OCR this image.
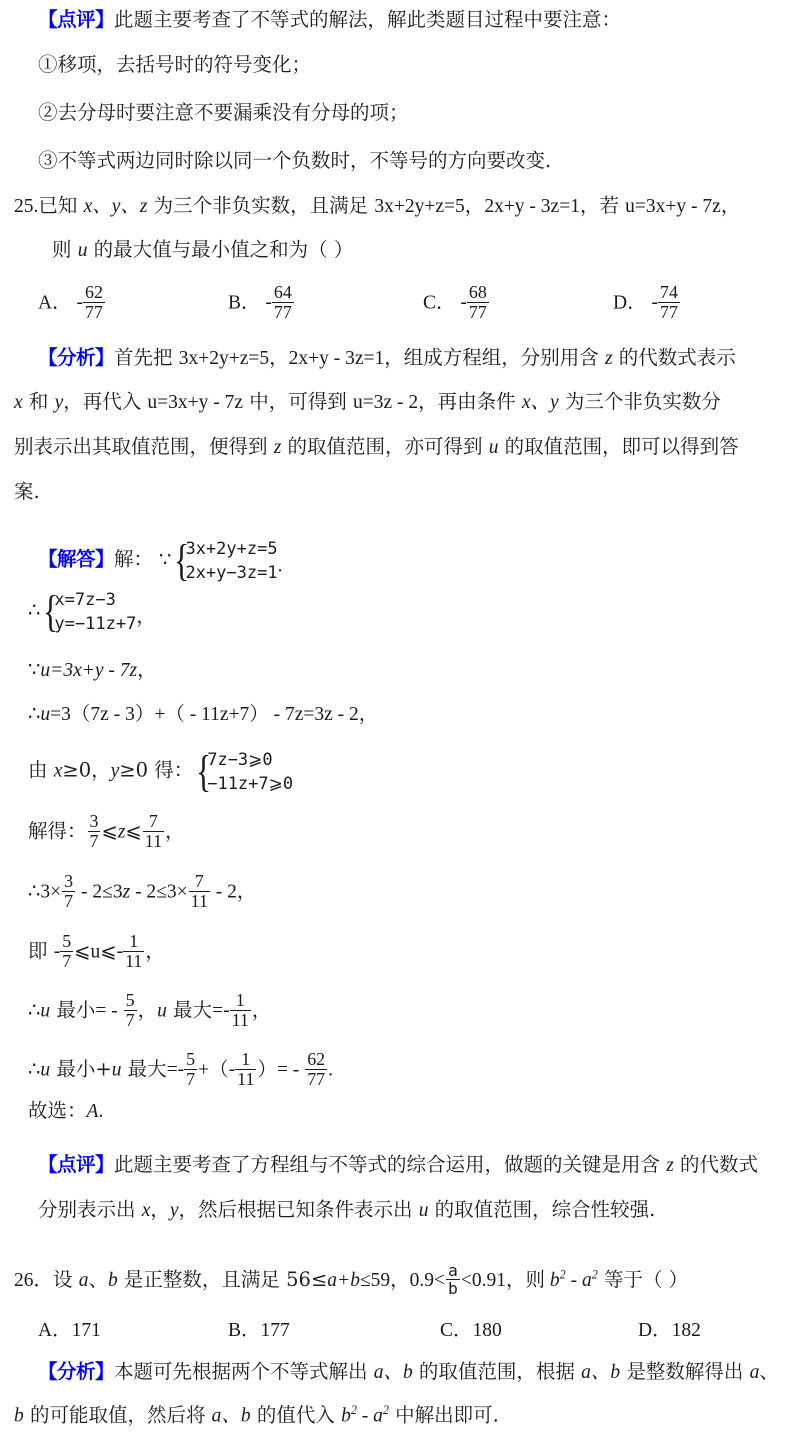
【点评】此题主要考查了不等式的解法，解此类题目过程中要注意：
①移项，去括号时的符号变化；
②去分母时要注意不要漏乘没有分母的项；
③不等式两边同时除以同一个负数时，不等号的方向要改变.
25.已知 x、y、z 为三个非负实数，且满足 3x+2y+z=5，2x+y - 3z=1，若 u=3x+y - 7z，
则 u 的最大值与最小值之和为（ ）
A． - $\frac{62}{77}$	B． - $\frac{64}{77}$	C． - $\frac{68}{77}$	D． - $\frac{74}{77}$
【分析】首先把 3x+2y+z=5，2x+y - 3z=1，组成方程组，分别用含 z 的代数式表示
x 和 y，再代入 u=3x+y - 7z 中，可得到 u=3z - 2，再由条件 x、y 为三个非负实数分
别表示出其取值范围，便得到 z 的取值范围，亦可得到 u 的取值范围，即可以得到答
案.
【解答】解： ∵ {
3x+2y+z=5
2x+y−3z=1 .
∴ {
x=7z−3
y=−11z+7 ，
∵u=3x+y - 7z，
∴u=3（7z - 3）+（ - 11z+7） - 7z=3z - 2，
由 x≥0，y≥0 得： {
7z−3⩾0
−11z+7⩾0
解得： $\frac{3}{7}$ ⩽z⩽ $\frac{7}{11}$ ，
∴3× $\frac{3}{7} - 2\le 3z - 2\le 3\times \frac{7}{11} - 2$，
即 - $\frac{5}{7}$ ⩽u⩽- $\frac{1}{11}$ ，
∴u 最小= - $\frac{5}{7}$ ，u 最大=- $\frac{1}{11}$ ，
∴u 最小+u 最大=- $\frac{5}{7}$ +（- $\frac{1}{11}$ ）= - $\frac{62}{77}$ .
故选：A.
【点评】此题主要考查了方程组与不等式的综合运用，做题的关键是用含 z 的代数式
分别表示出 x，y，然后根据已知条件表示出 u 的取值范围，综合性较强.
26．设 a、b 是正整数，且满足 56≤a+b≤59，$0.9< \frac{a}{b} <0.91$，则 $b^2 - a^2$ 等于（ ）
A．171	B．177	C．180	D．182
【分析】本题可先根据两个不等式解出 a、b 的取值范围，根据 a、b 是整数解得出 a、
b 的可能取值，然后将 a、b 的值代入 $b^2 - a^2$ 中解出即可.
